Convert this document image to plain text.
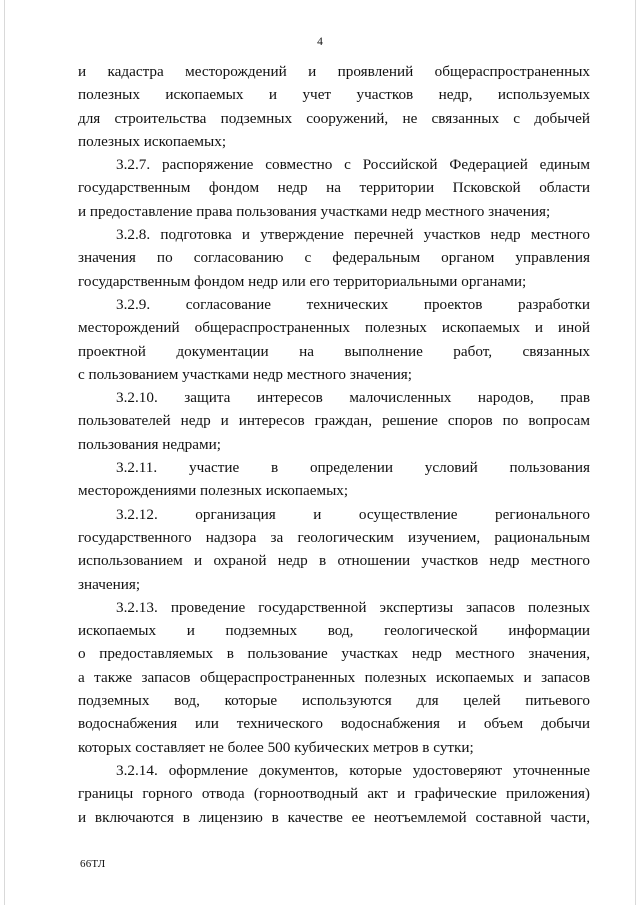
4
и кадастра месторождений и проявлений общераспространенных
полезных ископаемых и учет участков недр, используемых
для строительства подземных сооружений, не связанных с добычей
полезных ископаемых;
3.2.7. распоряжение совместно с Российской Федерацией единым
государственным фондом недр на территории Псковской области
и предоставление права пользования участками недр местного значения;
3.2.8. подготовка и утверждение перечней участков недр местного
значения по согласованию с федеральным органом управления
государственным фондом недр или его территориальными органами;
3.2.9. согласование технических проектов разработки
месторождений общераспространенных полезных ископаемых и иной
проектной документации на выполнение работ, связанных
с пользованием участками недр местного значения;
3.2.10. защита интересов малочисленных народов, прав
пользователей недр и интересов граждан, решение споров по вопросам
пользования недрами;
3.2.11. участие в определении условий пользования
месторождениями полезных ископаемых;
3.2.12. организация и осуществление регионального
государственного надзора за геологическим изучением, рациональным
использованием и охраной недр в отношении участков недр местного
значения;
3.2.13. проведение государственной экспертизы запасов полезных
ископаемых и подземных вод, геологической информации
о предоставляемых в пользование участках недр местного значения,
а также запасов общераспространенных полезных ископаемых и запасов
подземных вод, которые используются для целей питьевого
водоснабжения или технического водоснабжения и объем добычи
которых составляет не более 500 кубических метров в сутки;
3.2.14. оформление документов, которые удостоверяют уточненные
границы горного отвода (горноотводный акт и графические приложения)
и включаются в лицензию в качестве ее неотъемлемой составной части,
66ТЛ
